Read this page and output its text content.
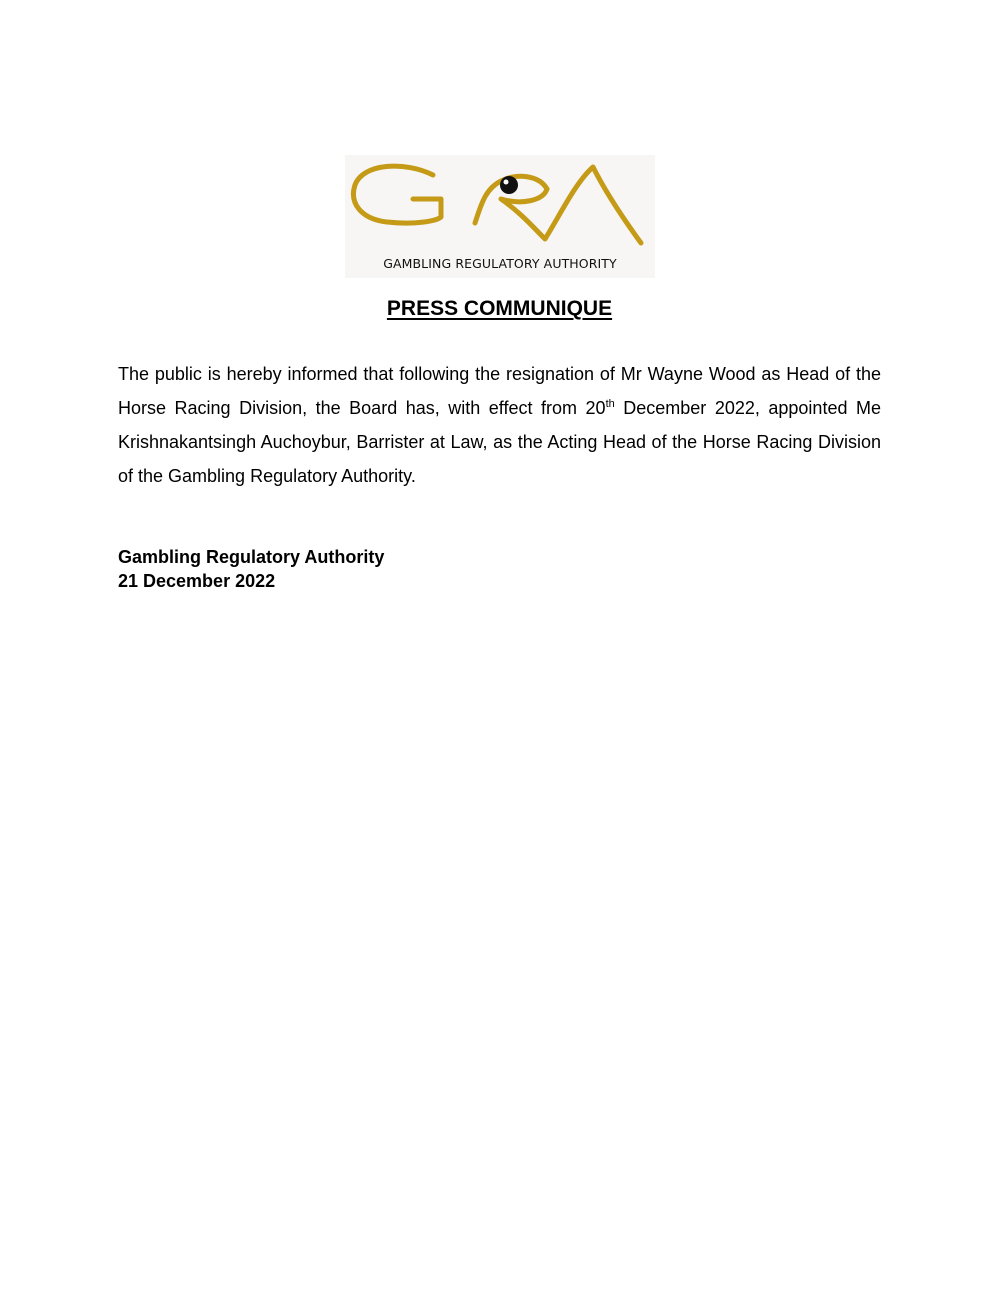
GAMBLING REGULATORY AUTHORITY
PRESS COMMUNIQUE

The public is hereby informed that following the resignation of Mr Wayne Wood as Head of the Horse Racing Division, the Board has, with effect from 20th December 2022, appointed Me Krishnakantsingh Auchoybur, Barrister at Law, as the Acting Head of the Horse Racing Division of the Gambling Regulatory Authority.

Gambling Regulatory Authority
21 December 2022
